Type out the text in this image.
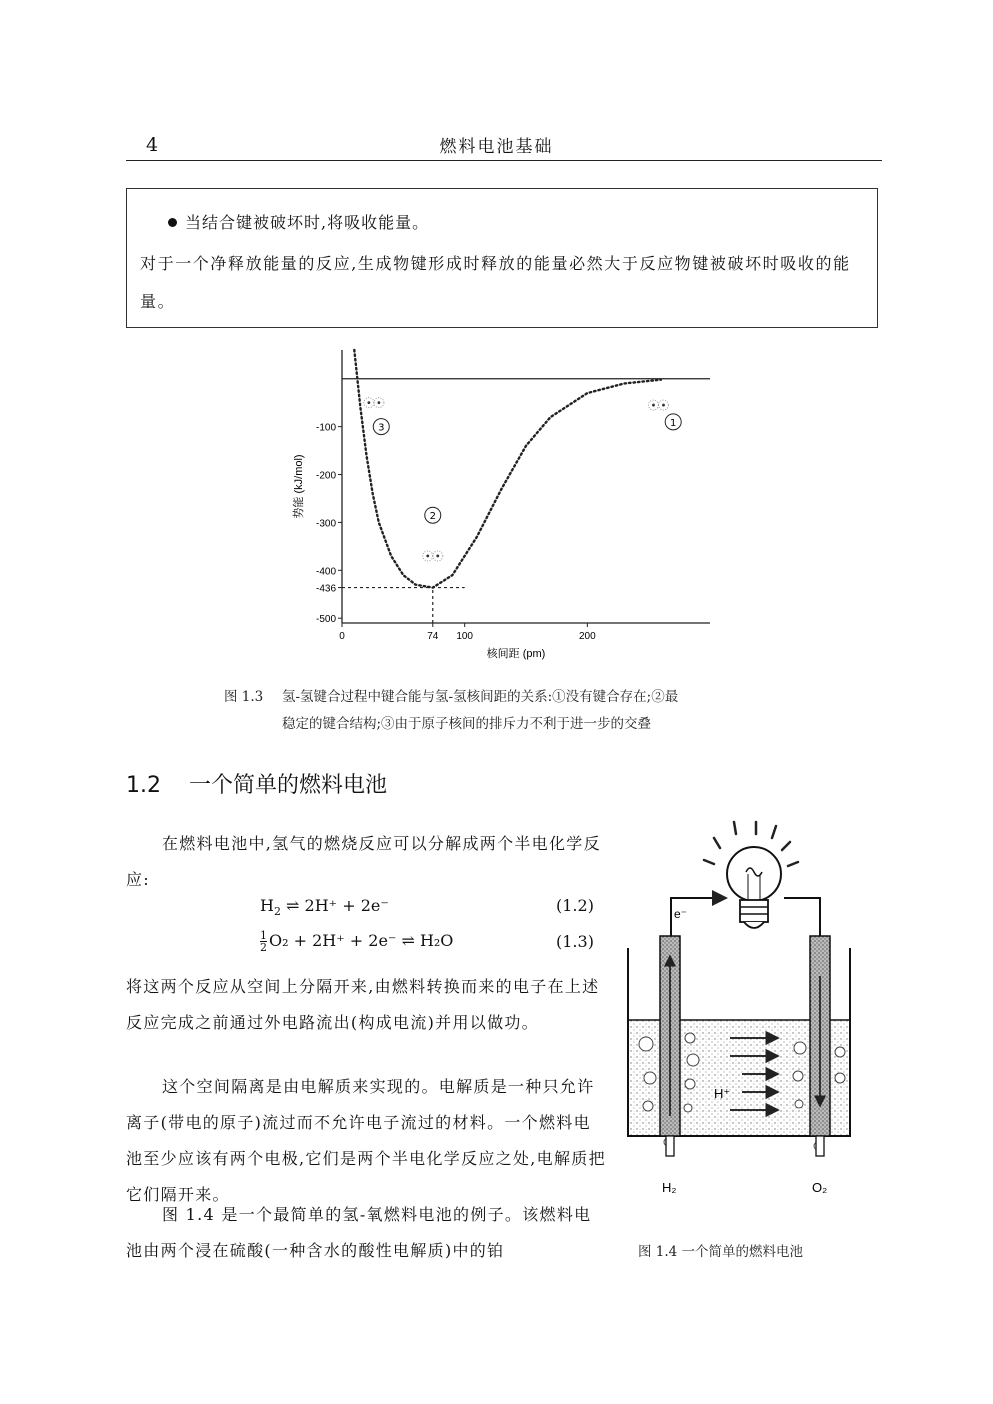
4	燃料电池基础
当结合键被破坏时,将吸收能量。
对于一个净释放能量的反应,生成物键形成时释放的能量必然大于反应物键被破坏时吸收的能量。
-100
-200
-300
-400
-436
-500
0	74 100	200
核间距 (pm)
势能 (kJ/mol)
1
2
3
图 1.3 氢-氢键合过程中键合能与氢-氢核间距的关系:①没有键合存在;②最
稳定的键合结构;③由于原子核间的排斥力不利于进一步的交叠
1.2 一个简单的燃料电池
在燃料电池中,氢气的燃烧反应可以分解成两个半电化学反应:
$H_2$ ⇌ 2H⁺ + 2e⁻	(1.2)
$\frac{1}{2} O_2 + 2H^+ + 2e^-$ ⇌ H₂O	(1.3)
将这两个反应从空间上分隔开来,由燃料转换而来的电子在上述反应完成之前通过外电路流出(构成电流)并用以做功。
这个空间隔离是由电解质来实现的。电解质是一种只允许离子(带电的原子)流过而不允许电子流过的材料。一个燃料电池至少应该有两个电极,它们是两个半电化学反应之处,电解质把它们隔开来。
图 1.4 是一个最简单的氢-氧燃料电池的例子。该燃料电池由两个浸在硫酸(一种含水的酸性电解质)中的铂
e⁻
H⁺
H₂	O₂
图 1.4 一个简单的燃料电池
